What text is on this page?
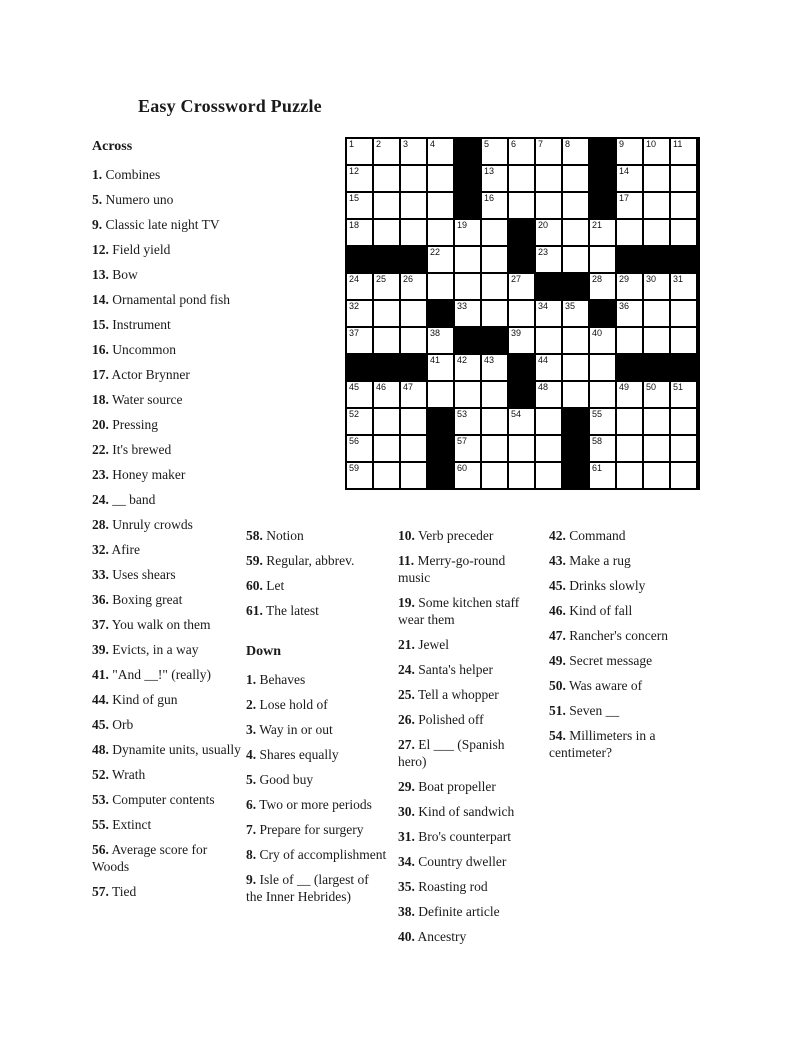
Easy Crossword Puzzle
1 2 3 4	5 6 7 8	9 10 11
12	13	14
15	16	17
18	19	20	21
22	23
24 25 26	27	28 29 30 31
32	33	34 35	36
37	38	39	40
41 42 43	44
45 46 47	48	49 50 51
52	53	54	55
56	57	58
59	60	61
Across
1. Combines
5. Numero uno
9. Classic late night TV
12. Field yield
13. Bow
14. Ornamental pond fish
15. Instrument
16. Uncommon
17. Actor Brynner
18. Water source
20. Pressing
22. It's brewed
23. Honey maker
24. __ band
28. Unruly crowds
32. Afire
33. Uses shears
36. Boxing great
37. You walk on them
39. Evicts, in a way
41. "And __!" (really)
44. Kind of gun
45. Orb
48. Dynamite units, usually
52. Wrath
53. Computer contents
55. Extinct
56. Average score for Woods
57. Tied
58. Notion
59. Regular, abbrev.
60. Let
61. The latest
Down
1. Behaves
2. Lose hold of
3. Way in or out
4. Shares equally
5. Good buy
6. Two or more periods
7. Prepare for surgery
8. Cry of accomplishment
9. Isle of __ (largest of the Inner Hebrides)
10. Verb preceder
11. Merry-go-round music
19. Some kitchen staff wear them
21. Jewel
24. Santa's helper
25. Tell a whopper
26. Polished off
27. El ___ (Spanish hero)
29. Boat propeller
30. Kind of sandwich
31. Bro's counterpart
34. Country dweller
35. Roasting rod
38. Definite article
40. Ancestry
42. Command
43. Make a rug
45. Drinks slowly
46. Kind of fall
47. Rancher's concern
49. Secret message
50. Was aware of
51. Seven __
54. Millimeters in a centimeter?
